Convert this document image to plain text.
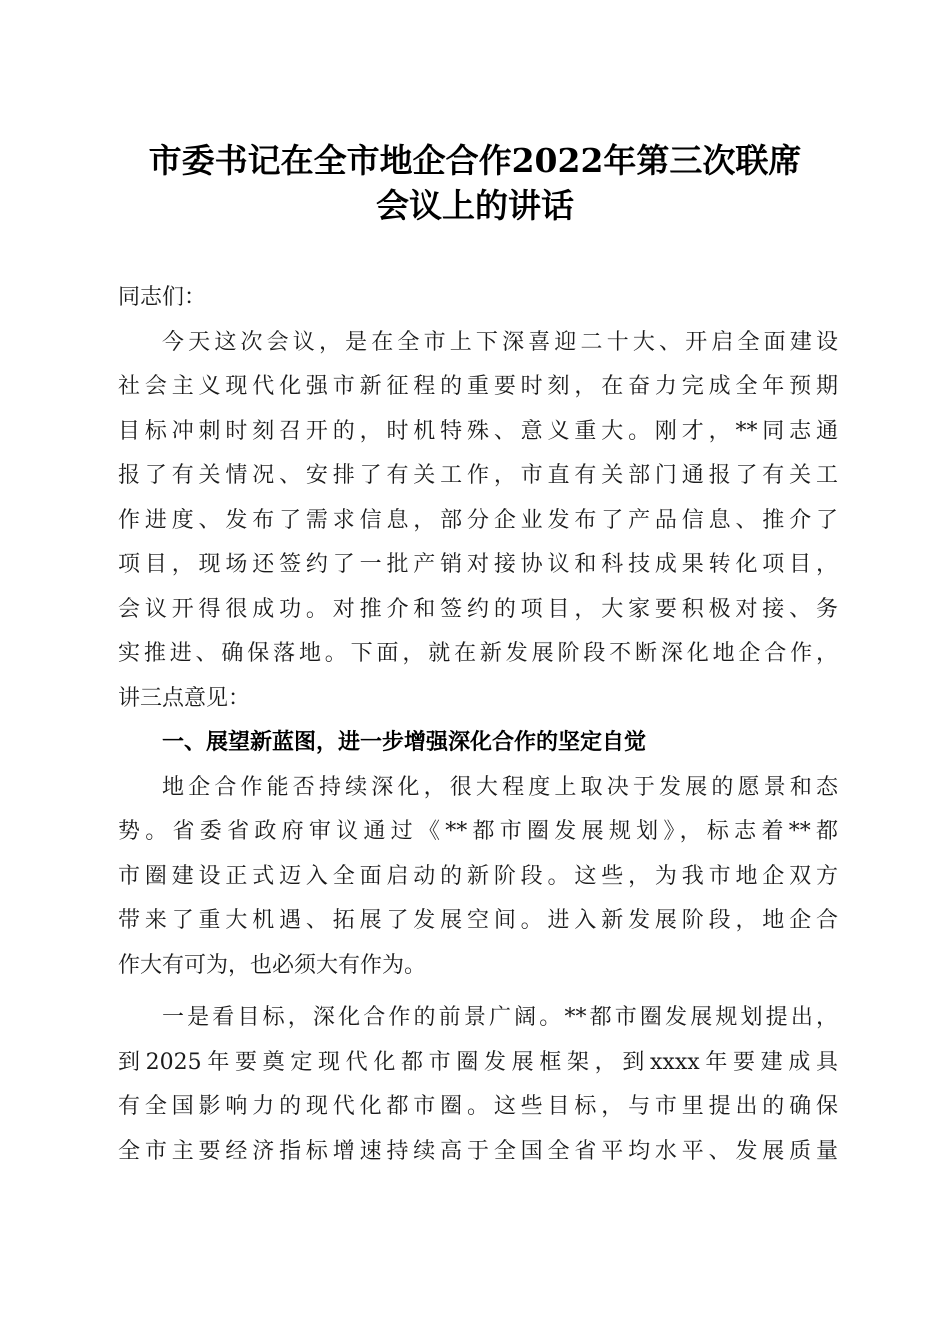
市委书记在全市地企合作2022年第三次联席
会议上的讲话
同志们：
今天这次会议，是在全市上下深喜迎二十大、开启全面建设
社会主义现代化强市新征程的重要时刻，在奋力完成全年预期
目标冲刺时刻召开的，时机特殊、意义重大。刚才，**同志通
报了有关情况、安排了有关工作，市直有关部门通报了有关工
作进度、发布了需求信息，部分企业发布了产品信息、推介了
项目，现场还签约了一批产销对接协议和科技成果转化项目，
会议开得很成功。对推介和签约的项目，大家要积极对接、务
实推进、确保落地。下面，就在新发展阶段不断深化地企合作，
讲三点意见：
一、展望新蓝图，进一步增强深化合作的坚定自觉
地企合作能否持续深化，很大程度上取决于发展的愿景和态
势。省委省政府审议通过《**都市圈发展规划》，标志着**都
市圈建设正式迈入全面启动的新阶段。这些，为我市地企双方
带来了重大机遇、拓展了发展空间。进入新发展阶段，地企合
作大有可为，也必须大有作为。
一是看目标，深化合作的前景广阔。**都市圈发展规划提出，
到2025年要奠定现代化都市圈发展框架，到xxxx年要建成具
有全国影响力的现代化都市圈。这些目标，与市里提出的确保
全市主要经济指标增速持续高于全国全省平均水平、发展质量
